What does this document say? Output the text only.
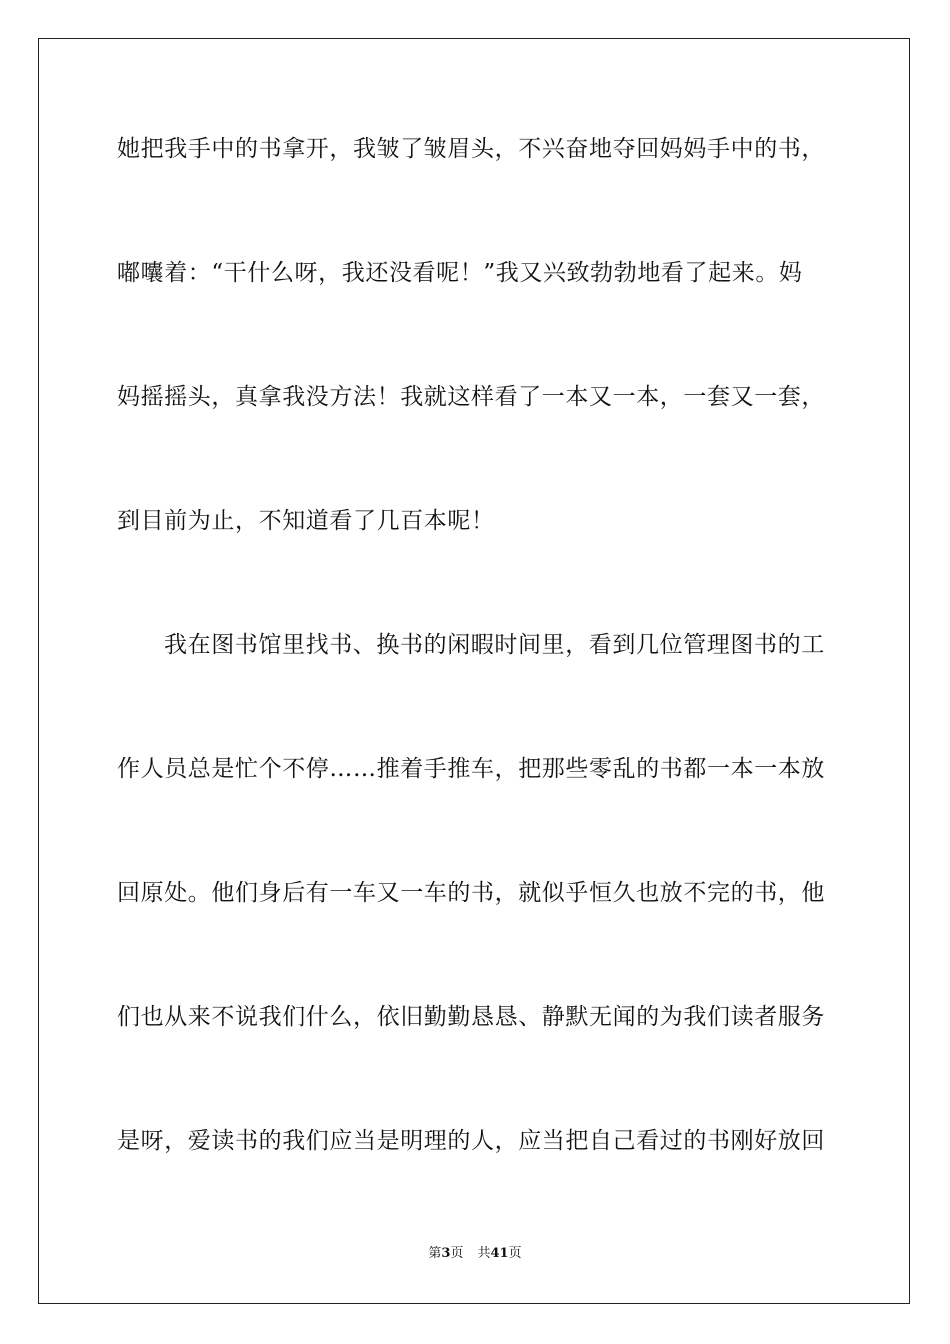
她把我手中的书拿开，我皱了皱眉头，不兴奋地夺回妈妈手中的书，
嘟囔着：“干什么呀，我还没看呢！”我又兴致勃勃地看了起来。妈
妈摇摇头，真拿我没方法！我就这样看了一本又一本，一套又一套，
到目前为止，不知道看了几百本呢！
我在图书馆里找书、换书的闲暇时间里，看到几位管理图书的工
作人员总是忙个不停……推着手推车，把那些零乱的书都一本一本放
回原处。他们身后有一车又一车的书，就似乎恒久也放不完的书，他
们也从来不说我们什么，依旧勤勤恳恳、静默无闻的为我们读者服务
是呀，爱读书的我们应当是明理的人，应当把自己看过的书刚好放回
第3页 共41页
